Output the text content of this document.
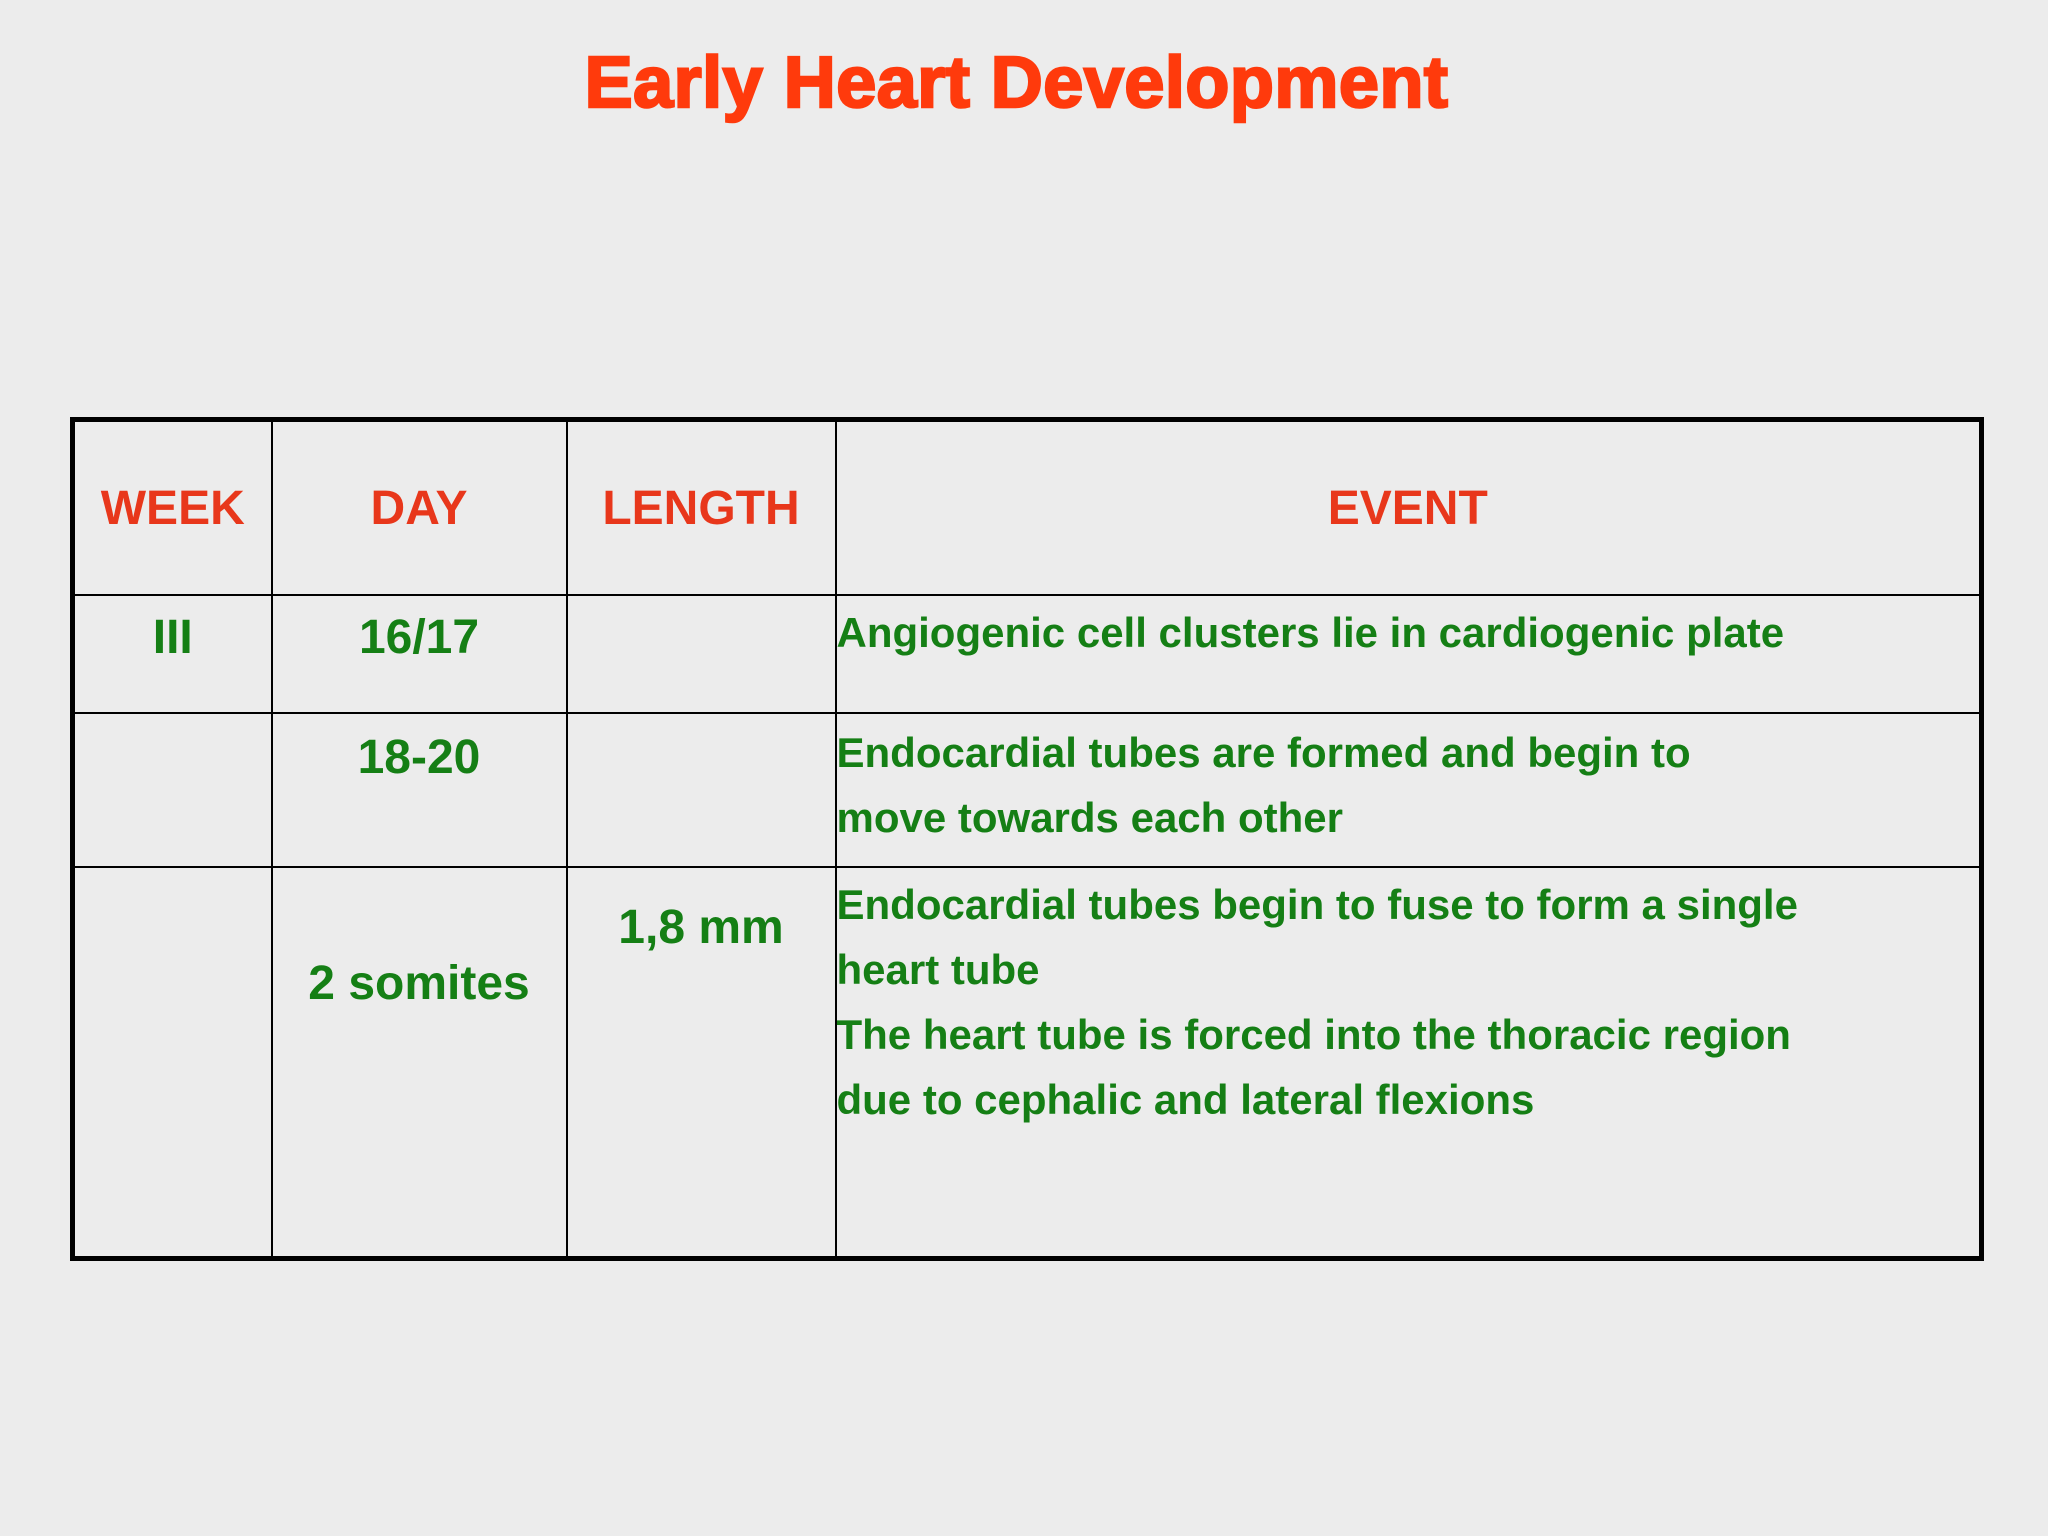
Early Heart Development
WEEK	DAY	LENGTH	EVENT
III	16/17		Angiogenic cell clusters lie in cardiogenic plate

	18-20		Endocardial tubes are formed and begin to
move towards each other

	2 somites	1,8 mm	Endocardial tubes begin to fuse to form a single
heart tube
The heart tube is forced into the thoracic region
due to cephalic and lateral flexions
